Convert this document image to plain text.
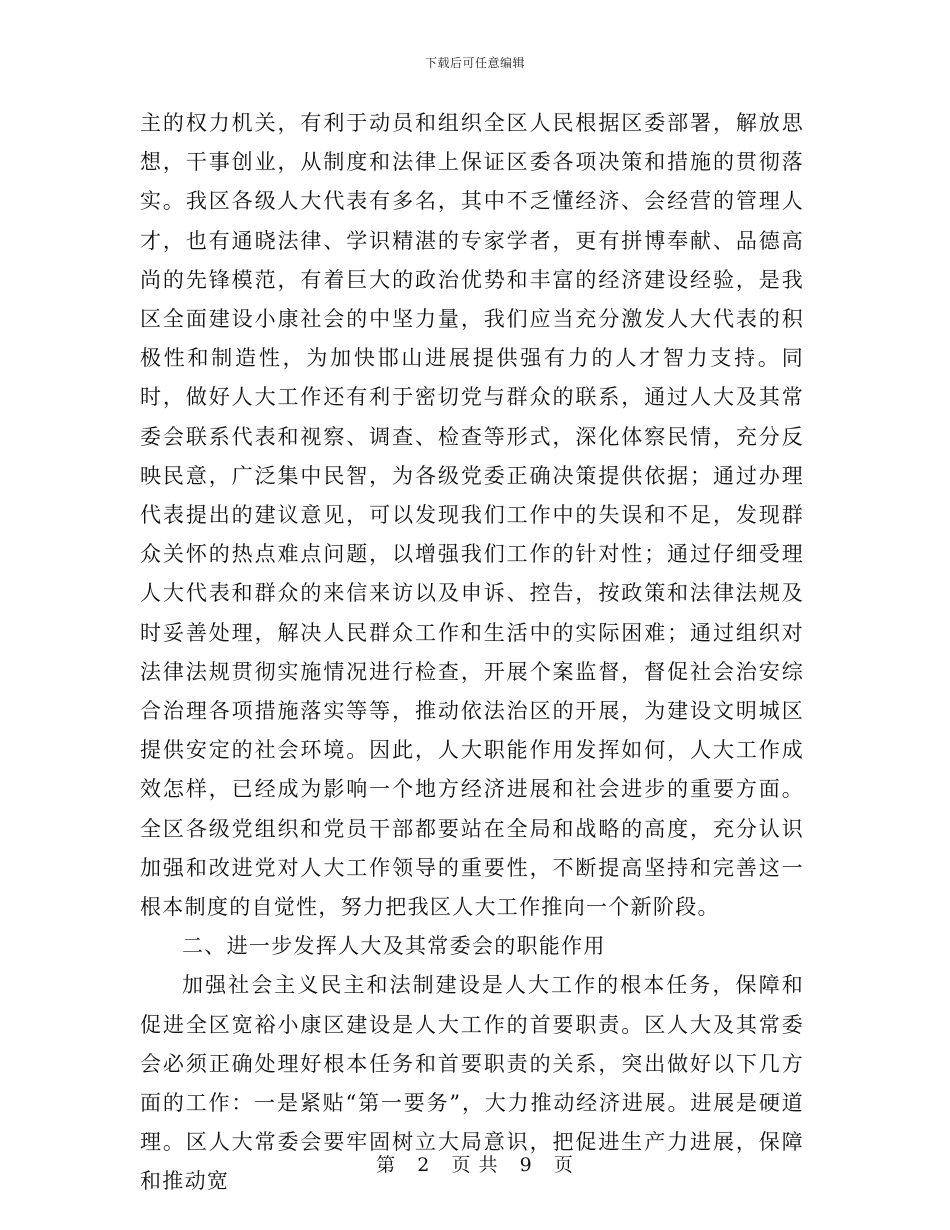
下载后可任意编辑

主的权力机关，有利于动员和组织全区人民根据区委部署，解放思想，干事创业，从制度和法律上保证区委各项决策和措施的贯彻落实。我区各级人大代表有多名，其中不乏懂经济、会经营的管理人才，也有通晓法律、学识精湛的专家学者，更有拼博奉献、品德高尚的先锋模范，有着巨大的政治优势和丰富的经济建设经验，是我区全面建设小康社会的中坚力量，我们应当充分激发人大代表的积极性和制造性，为加快邯山进展提供强有力的人才智力支持。同时，做好人大工作还有利于密切党与群众的联系，通过人大及其常委会联系代表和视察、调查、检查等形式，深化体察民情，充分反映民意，广泛集中民智，为各级党委正确决策提供依据；通过办理代表提出的建议意见，可以发现我们工作中的失误和不足，发现群众关怀的热点难点问题，以增强我们工作的针对性；通过仔细受理人大代表和群众的来信来访以及申诉、控告，按政策和法律法规及时妥善处理，解决人民群众工作和生活中的实际困难；通过组织对法律法规贯彻实施情况进行检查，开展个案监督，督促社会治安综合治理各项措施落实等等，推动依法治区的开展，为建设文明城区提供安定的社会环境。因此，人大职能作用发挥如何，人大工作成效怎样，已经成为影响一个地方经济进展和社会进步的重要方面。全区各级党组织和党员干部都要站在全局和战略的高度，充分认识加强和改进党对人大工作领导的重要性，不断提高坚持和完善这一根本制度的自觉性，努力把我区人大工作推向一个新阶段。

二、进一步发挥人大及其常委会的职能作用

加强社会主义民主和法制建设是人大工作的根本任务，保障和促进全区宽裕小康区建设是人大工作的首要职责。区人大及其常委会必须正确处理好根本任务和首要职责的关系，突出做好以下几方面的工作：一是紧贴“第一要务”，大力推动经济进展。进展是硬道理。区人大常委会要牢固树立大局意识，把促进生产力进展，保障和推动宽

第 2 页 共 9 页
